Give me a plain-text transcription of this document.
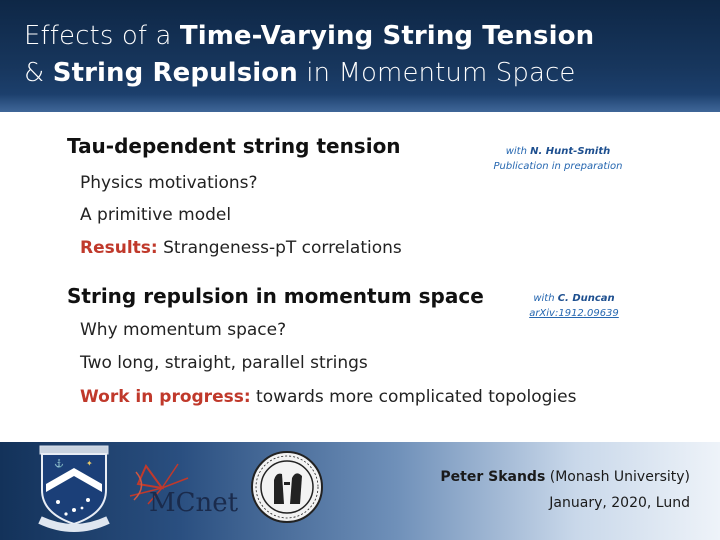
Effects of a Time-Varying String Tension
& String Repulsion in Momentum Space
Tau-dependent string tension	with N. Hunt-Smith
Publication in preparation
Physics motivations?
A primitive model
Results: Strangeness-pT correlations
String repulsion in momentum space	with C. Duncan
arXiv:1912.09639
Why momentum space?
Two long, straight, parallel strings
Work in progress: towards more complicated topologies
⚓	✦
MCnet
Peter Skands (Monash University)
January, 2020, Lund
